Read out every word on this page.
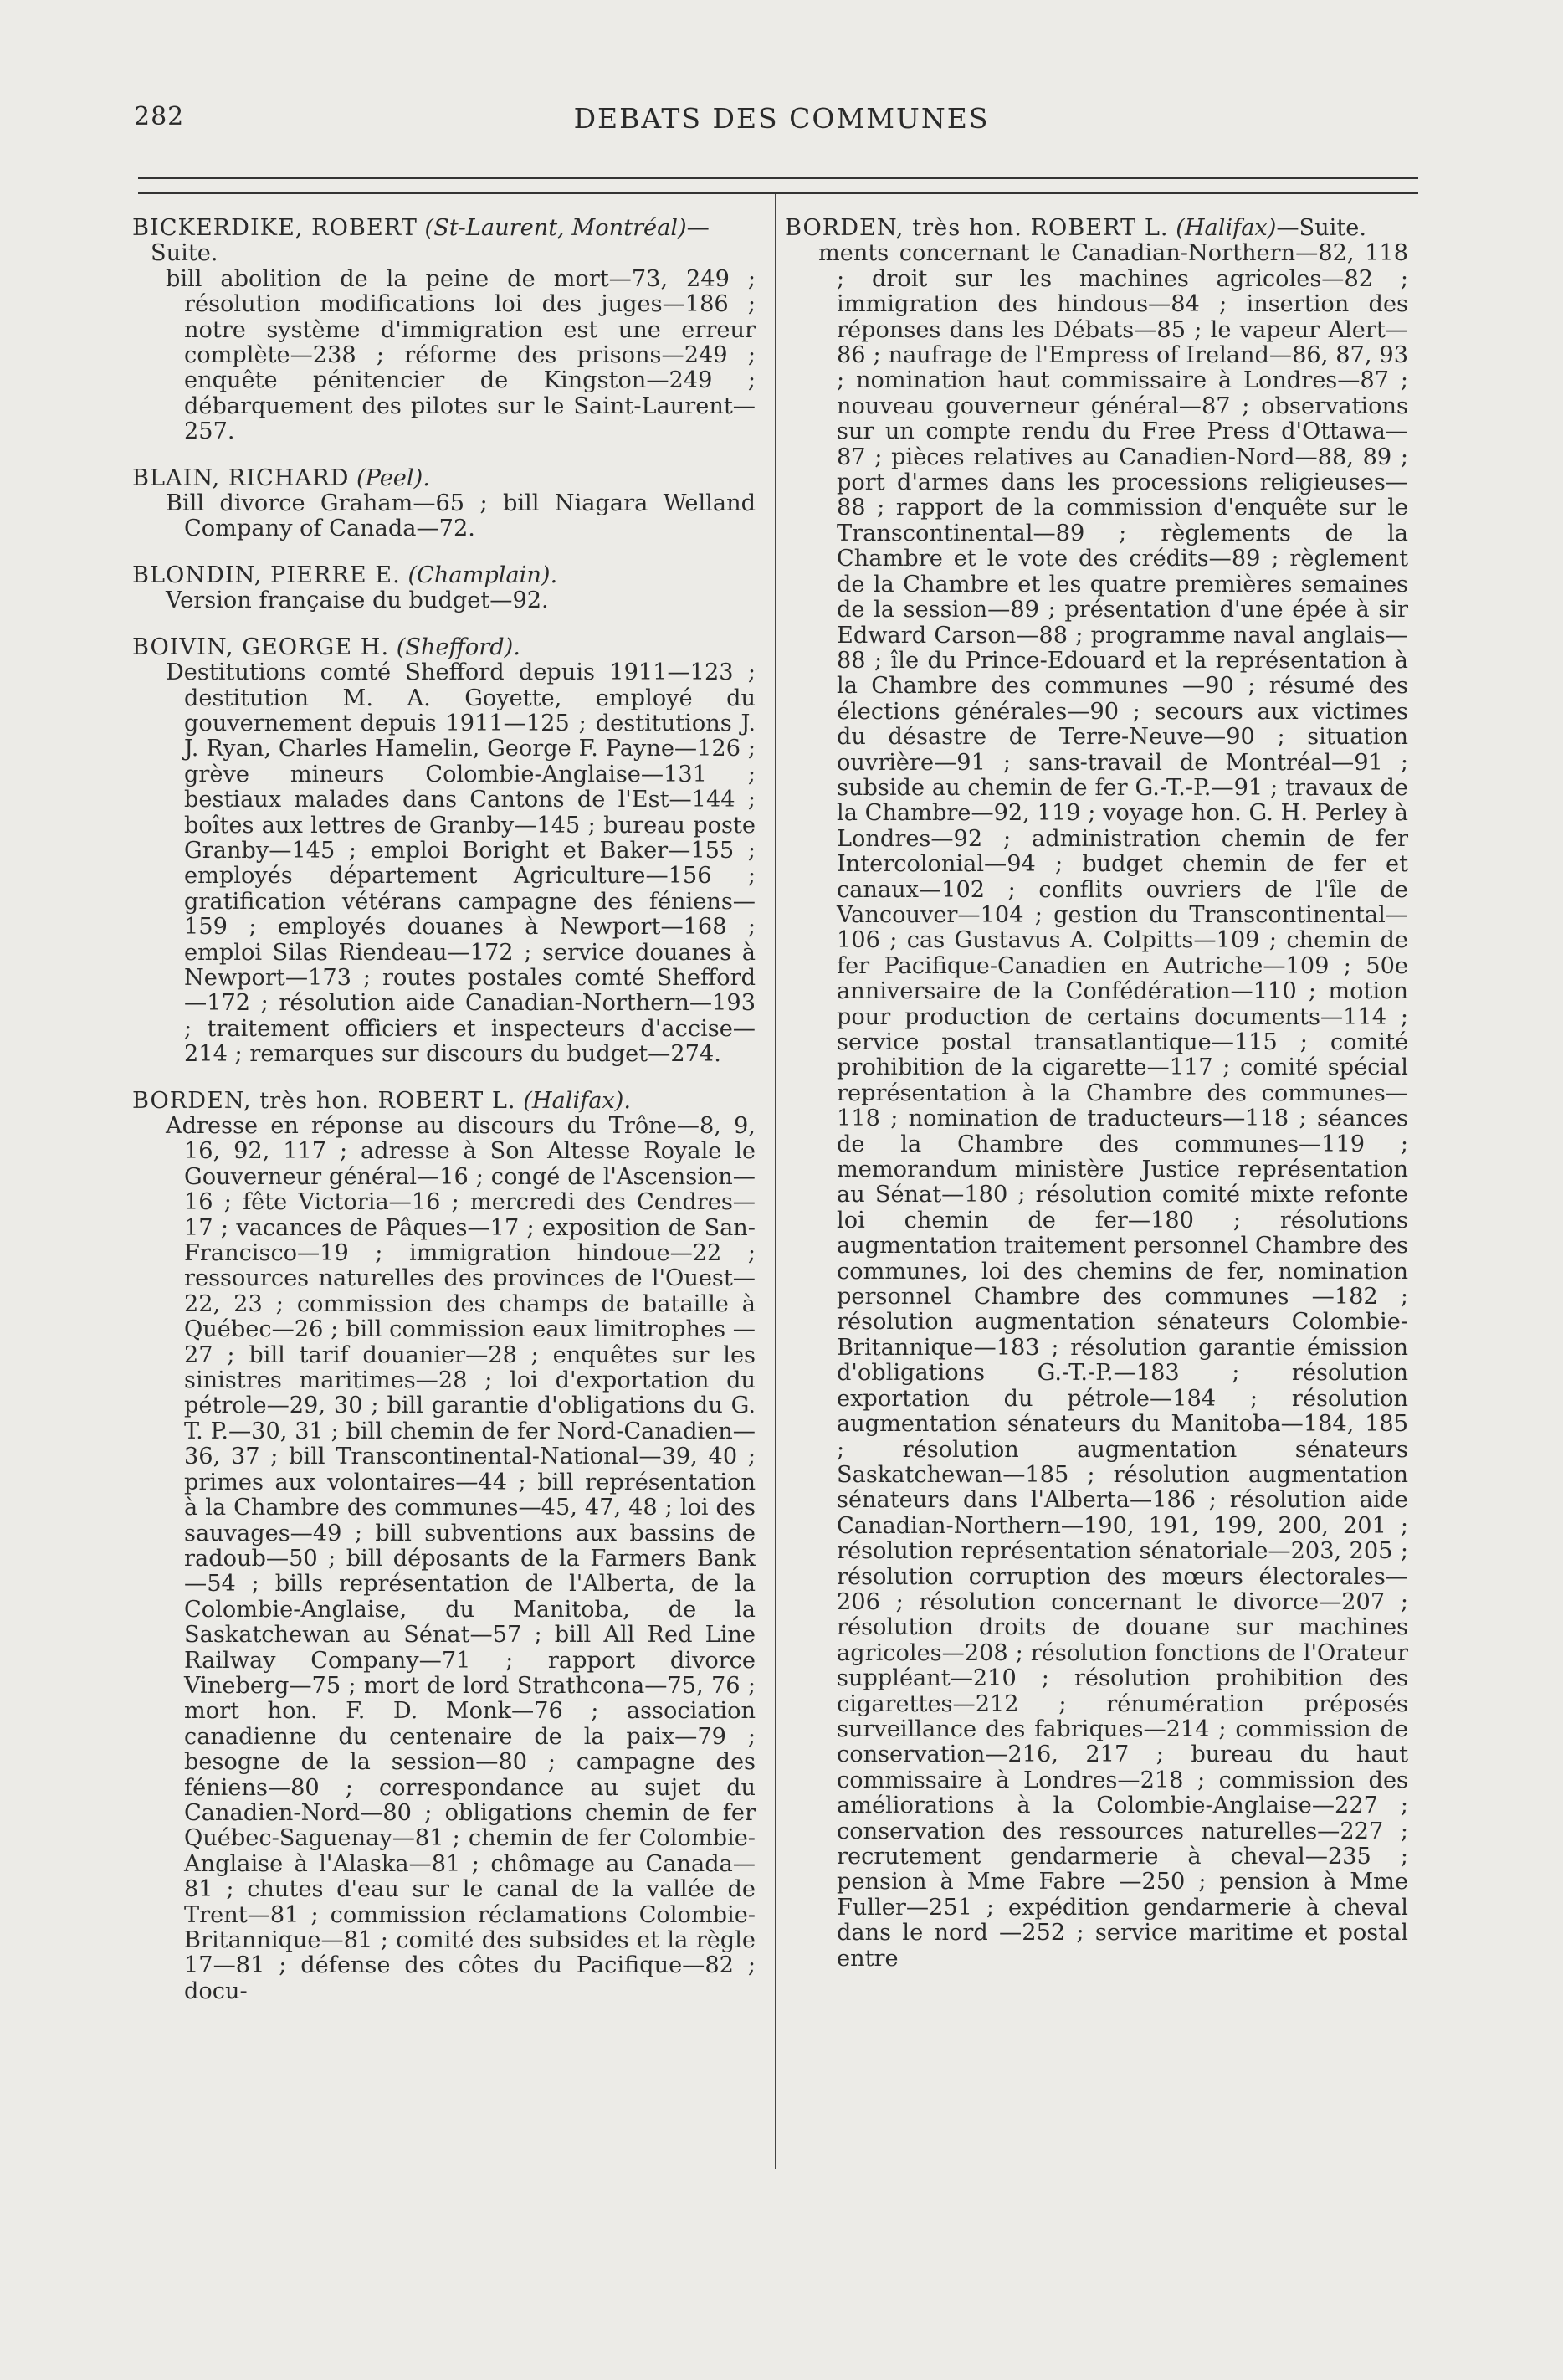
282	DEBATS DES COMMUNES
BICKERDIKE, ROBERT (St-Laurent, Montréal)—Suite.
bill abolition de la peine de mort—73, 249 ; résolution modifications loi des juges—186 ; notre système d'immigration est une erreur complète—238 ; réforme des prisons—249 ; enquête pénitencier de Kingston—249 ; débarquement des pilotes sur le Saint-Laurent—257.
BLAIN, RICHARD (Peel).
Bill divorce Graham—65 ; bill Niagara Welland Company of Canada—72.
BLONDIN, PIERRE E. (Champlain).
Version française du budget—92.
BOIVIN, GEORGE H. (Shefford).
Destitutions comté Shefford depuis 1911—123 ; destitution M. A. Goyette, employé du gouvernement depuis 1911—125 ; destitutions J. J. Ryan, Charles Hamelin, George F. Payne—126 ; grève mineurs Colombie-Anglaise—131 ; bestiaux malades dans Cantons de l'Est—144 ; boîtes aux lettres de Granby—145 ; bureau poste Granby—145 ; emploi Boright et Baker—155 ; employés département Agriculture—156 ; gratification vétérans campagne des féniens—159 ; employés douanes à Newport—168 ; emploi Silas Riendeau—172 ; service douanes à Newport—173 ; routes postales comté Shefford—172 ; résolution aide Canadian-Northern—193 ; traitement officiers et inspecteurs d'accise—214 ; remarques sur discours du budget—274.
BORDEN, très hon. ROBERT L. (Halifax).
Adresse en réponse au discours du Trône—8, 9, 16, 92, 117 ; adresse à Son Altesse Royale le Gouverneur général—16 ; congé de l'Ascension—16 ; fête Victoria—16 ; mercredi des Cendres—17 ; vacances de Pâques—17 ; exposition de San-Francisco—19 ; immigration hindoue—22 ; ressources naturelles des provinces de l'Ouest—22, 23 ; commission des champs de bataille à Québec—26 ; bill commission eaux limitrophes —27 ; bill tarif douanier—28 ; enquêtes sur les sinistres maritimes—28 ; loi d'exportation du pétrole—29, 30 ; bill garantie d'obligations du G. T. P.—30, 31 ; bill chemin de fer Nord-Canadien—36, 37 ; bill Transcontinental-National—39, 40 ; primes aux volontaires—44 ; bill représentation à la Chambre des communes—45, 47, 48 ; loi des sauvages—49 ; bill subventions aux bassins de radoub—50 ; bill déposants de la Farmers Bank—54 ; bills représentation de l'Alberta, de la Colombie-Anglaise, du Manitoba, de la Saskatchewan au Sénat—57 ; bill All Red Line Railway Company—71 ; rapport divorce Vineberg—75 ; mort de lord Strathcona—75, 76 ; mort hon. F. D. Monk—76 ; association canadienne du centenaire de la paix—79 ; besogne de la session—80 ; campagne des féniens—80 ; correspondance au sujet du Canadien-Nord—80 ; obligations chemin de fer Québec-Saguenay—81 ; chemin de fer Colombie-Anglaise à l'Alaska—81 ; chômage au Canada—81 ; chutes d'eau sur le canal de la vallée de Trent—81 ; commission réclamations Colombie-Britannique—81 ; comité des subsides et la règle 17—81 ; défense des côtes du Pacifique—82 ; docu-
BORDEN, très hon. ROBERT L. (Halifax)—Suite.
ments concernant le Canadian-Northern—82, 118 ; droit sur les machines agricoles—82 ; immigration des hindous—84 ; insertion des réponses dans les Débats—85 ; le vapeur Alert—86 ; naufrage de l'Empress of Ireland—86, 87, 93 ; nomination haut commissaire à Londres—87 ; nouveau gouverneur général—87 ; observations sur un compte rendu du Free Press d'Ottawa—87 ; pièces relatives au Canadien-Nord—88, 89 ; port d'armes dans les processions religieuses—88 ; rapport de la commission d'enquête sur le Transcontinental—89 ; règlements de la Chambre et le vote des crédits—89 ; règlement de la Chambre et les quatre premières semaines de la session—89 ; présentation d'une épée à sir Edward Carson—88 ; programme naval anglais—88 ; île du Prince-Edouard et la représentation à la Chambre des communes —90 ; résumé des élections générales—90 ; secours aux victimes du désastre de Terre-Neuve—90 ; situation ouvrière—91 ; sans-travail de Montréal—91 ; subside au chemin de fer G.-T.-P.—91 ; travaux de la Chambre—92, 119 ; voyage hon. G. H. Perley à Londres—92 ; administration chemin de fer Intercolonial—94 ; budget chemin de fer et canaux—102 ; conflits ouvriers de l'île de Vancouver—104 ; gestion du Transcontinental—106 ; cas Gustavus A. Colpitts—109 ; chemin de fer Pacifique-Canadien en Autriche—109 ; 50e anniversaire de la Confédération—110 ; motion pour production de certains documents—114 ; service postal transatlantique—115 ; comité prohibition de la cigarette—117 ; comité spécial représentation à la Chambre des communes—118 ; nomination de traducteurs—118 ; séances de la Chambre des communes—119 ; memorandum ministère Justice représentation au Sénat—180 ; résolution comité mixte refonte loi chemin de fer—180 ; résolutions augmentation traitement personnel Chambre des communes, loi des chemins de fer, nomination personnel Chambre des communes —182 ; résolution augmentation sénateurs Colombie-Britannique—183 ; résolution garantie émission d'obligations G.-T.-P.—183 ; résolution exportation du pétrole—184 ; résolution augmentation sénateurs du Manitoba—184, 185 ; résolution augmentation sénateurs Saskatchewan—185 ; résolution augmentation sénateurs dans l'Alberta—186 ; résolution aide Canadian-Northern—190, 191, 199, 200, 201 ; résolution représentation sénatoriale—203, 205 ; résolution corruption des mœurs électorales—206 ; résolution concernant le divorce—207 ; résolution droits de douane sur machines agricoles—208 ; résolution fonctions de l'Orateur suppléant—210 ; résolution prohibition des cigarettes—212 ; rénumération préposés surveillance des fabriques—214 ; commission de conservation—216, 217 ; bureau du haut commissaire à Londres—218 ; commission des améliorations à la Colombie-Anglaise—227 ; conservation des ressources naturelles—227 ; recrutement gendarmerie à cheval—235 ; pension à Mme Fabre —250 ; pension à Mme Fuller—251 ; expédition gendarmerie à cheval dans le nord —252 ; service maritime et postal entre
